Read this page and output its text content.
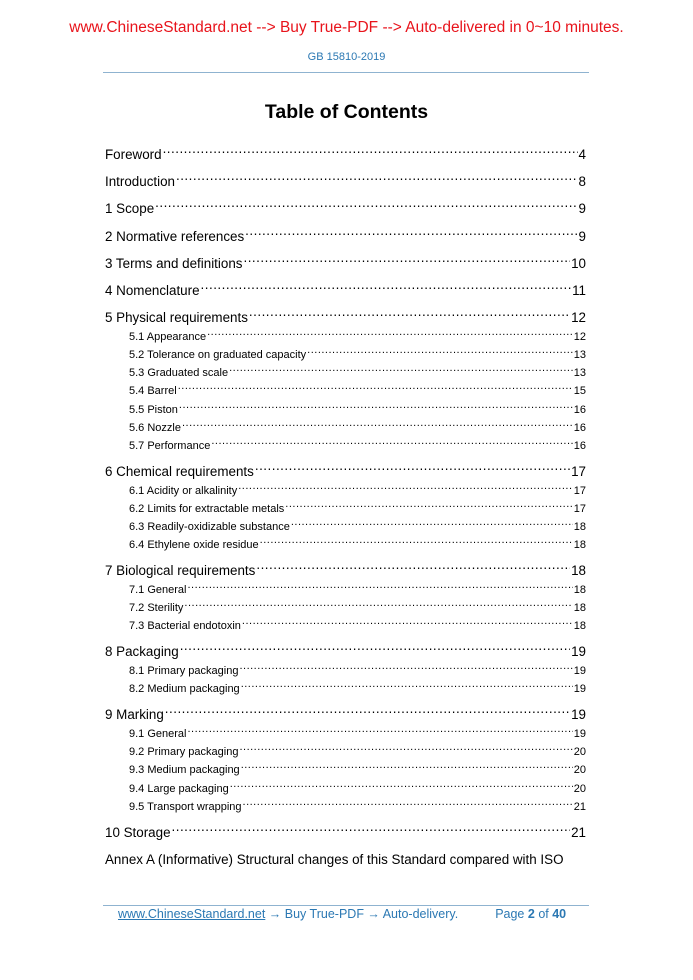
www.ChineseStandard.net --> Buy True-PDF --> Auto-delivered in 0~10 minutes.
GB 15810-2019
Table of Contents
Foreword .....	4
Introduction .....	8
1 Scope .....	9
2 Normative references .....	9
3 Terms and definitions .....	10
4 Nomenclature .....	11
5 Physical requirements .....	12
5.1 Appearance .....	12
5.2 Tolerance on graduated capacity .....	13
5.3 Graduated scale .....	13
5.4 Barrel .....	15
5.5 Piston .....	16
5.6 Nozzle .....	16
5.7 Performance .....	16
6 Chemical requirements .....	17
6.1 Acidity or alkalinity .....	17
6.2 Limits for extractable metals .....	17
6.3 Readily-oxidizable substance .....	18
6.4 Ethylene oxide residue .....	18
7 Biological requirements .....	18
7.1 General .....	18
7.2 Sterility .....	18
7.3 Bacterial endotoxin .....	18
8 Packaging .....	19
8.1 Primary packaging .....	19
8.2 Medium packaging .....	19
9 Marking .....	19
9.1 General .....	19
9.2 Primary packaging .....	20
9.3 Medium packaging .....	20
9.4 Large packaging .....	20
9.5 Transport wrapping .....	21
10 Storage .....	21
Annex A (Informative) Structural changes of this Standard compared with ISO
www.ChineseStandard.net → Buy True-PDF → Auto-delivery.	Page 2 of 40
